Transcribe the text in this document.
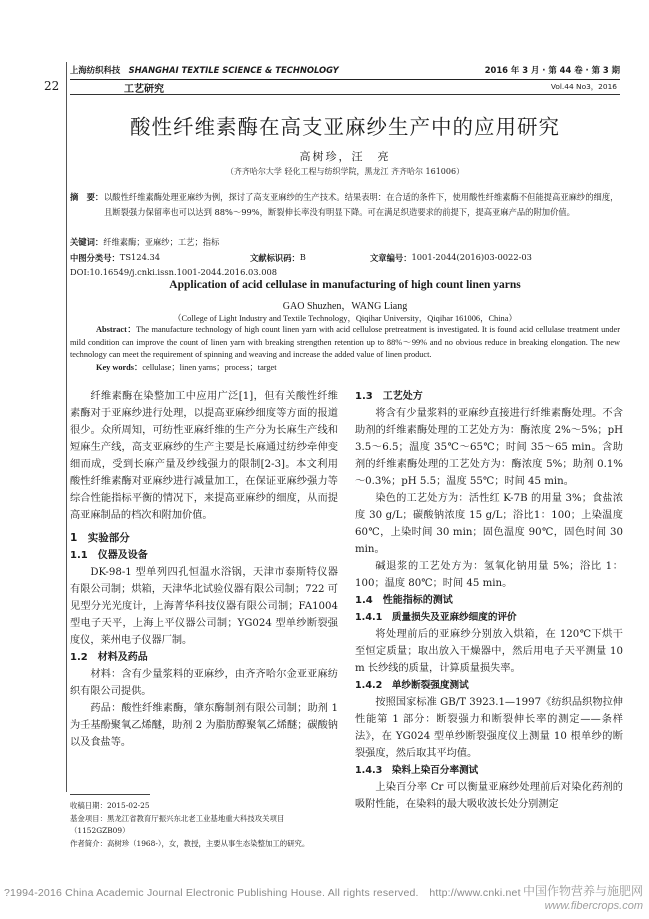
上海纺织科技　 SHANGHAI TEXTILE SCIENCE & TECHNOLOGY	2016 年 3 月 · 第 44 卷 · 第 3 期
22	工艺研究	Vol.44 No3，2016
酸性纤维素酶在高支亚麻纱生产中的应用研究
高树珍，汪　亮
（齐齐哈尔大学 轻化工程与纺织学院，黑龙江 齐齐哈尔 161006）
摘　要： 以酸性纤维素酶处理亚麻纱为例，探讨了高支亚麻纱的生产技术。结果表明：在合适的条件下，使用酸性纤维素酶不但能提高亚麻纱的细度，且断裂强力保留率也可以达到 88%～99%，断裂伸长率没有明显下降。可在满足织造要求的前提下，提高亚麻产品的附加价值。
关键词：纤维素酶；亚麻纱；工艺；指标
中图分类号： TS124.34	文献标识码： B	文章编号： 1001-2044(2016)03-0022-03
DOI:10.16549/j.cnki.issn.1001-2044.2016.03.008
Application of acid cellulase in manufacturing of high count linen yarns
GAO Shuzhen，WANG Liang
（College of Light Industry and Textile Technology，Qiqihar University，Qiqihar 161006，China）
Abstract：The manufacture technology of high count linen yarn with acid cellulose pretreatment is investigated. It is found acid cellulase treatment under mild condition can improve the count of linen yarn with breaking strengthen retention up to 88%～99% and no obvious reduce in breaking elongation. The new technology can meet the requirement of spinning and weaving and increase the added value of linen product.
Key words：cellulase；linen yarns；process；target

纤维素酶在染整加工中应用广泛[1]，但有关酸性纤维素酶对于亚麻纱进行处理，以提高亚麻纱细度等方面的报道很少。众所周知，可纺性亚麻纤维的生产分为长麻生产线和短麻生产线，高支亚麻纱的生产主要是长麻通过纺纱牵伸变细而成，受到长麻产量及纱线强力的限制[2-3]。本文利用酸性纤维素酶对亚麻纱进行减量加工，在保证亚麻纱强力等综合性能指标平衡的情况下，来提高亚麻纱的细度，从而提高亚麻制品的档次和附加价值。

1　实验部分

1.1　仪器及设备

DK-98-1 型单列四孔恒温水浴锅，天津市泰斯特仪器有限公司制；烘箱，天津华北试验仪器有限公司制；722 可见型分光光度计，上海菁华科技仪器有限公司制；FA1004 型电子天平，上海上平仪器公司制；YG024 型单纱断裂强度仪，莱州电子仪器厂制。

1.2　材料及药品

材料：含有少量浆料的亚麻纱，由齐齐哈尔金亚亚麻纺织有限公司提供。

药品：酸性纤维素酶，肇东酶制剂有限公司制；助剂 1 为壬基酚聚氧乙烯醚，助剂 2 为脂肪醇聚氧乙烯醚；碳酸钠以及食盐等。

收稿日期：2015-02-25

基金项目：黑龙江省教育厅振兴东北老工业基地重大科技攻关项目（1152GZB09）

作者简介：高树珍（1968-），女，教授，主要从事生态染整加工的研究。

1.3　工艺处方

将含有少量浆料的亚麻纱直接进行纤维素酶处理。不含助剂的纤维素酶处理的工艺处方为：酶浓度 2%～5%；pH 3.5～6.5；温度 35℃～65℃；时间 35～65 min。含助剂的纤维素酶处理的工艺处方为：酶浓度 5%；助剂 0.1%～0.3%；pH 5.5；温度 55℃；时间 45 min。

染色的工艺处方为：活性红 K-7B 的用量 3%；食盐浓度 30 g/L；碳酸钠浓度 15 g/L；浴比1：100；上染温度 60℃，上染时间 30 min；固色温度 90℃，固色时间 30 min。

碱退浆的工艺处方为：氢氧化钠用量 5%；浴比 1：100；温度 80℃；时间 45 min。

1.4　性能指标的测试

1.4.1　质量损失及亚麻纱细度的评价

将处理前后的亚麻纱分别放入烘箱，在 120℃下烘干至恒定质量；取出放入干燥器中，然后用电子天平测量 10 m 长纱线的质量，计算质量损失率。

1.4.2　单纱断裂强度测试

按照国家标准 GB/T 3923.1—1997《纺织品织物拉伸性能第 1 部分：断裂强力和断裂伸长率的测定——条样法》，在 YG024 型单纱断裂强度仪上测量 10 根单纱的断裂强度，然后取其平均值。

1.4.3　染料上染百分率测试

上染百分率 Cr 可以衡量亚麻纱处理前后对染化药剂的吸附性能，在染料的最大吸收波长处分别测定

?1994-2016 China Academic Journal Electronic Publishing House. All rights reserved.　http://www.cnki.net 中国作物营养与施肥网
www.fibercrops.com
